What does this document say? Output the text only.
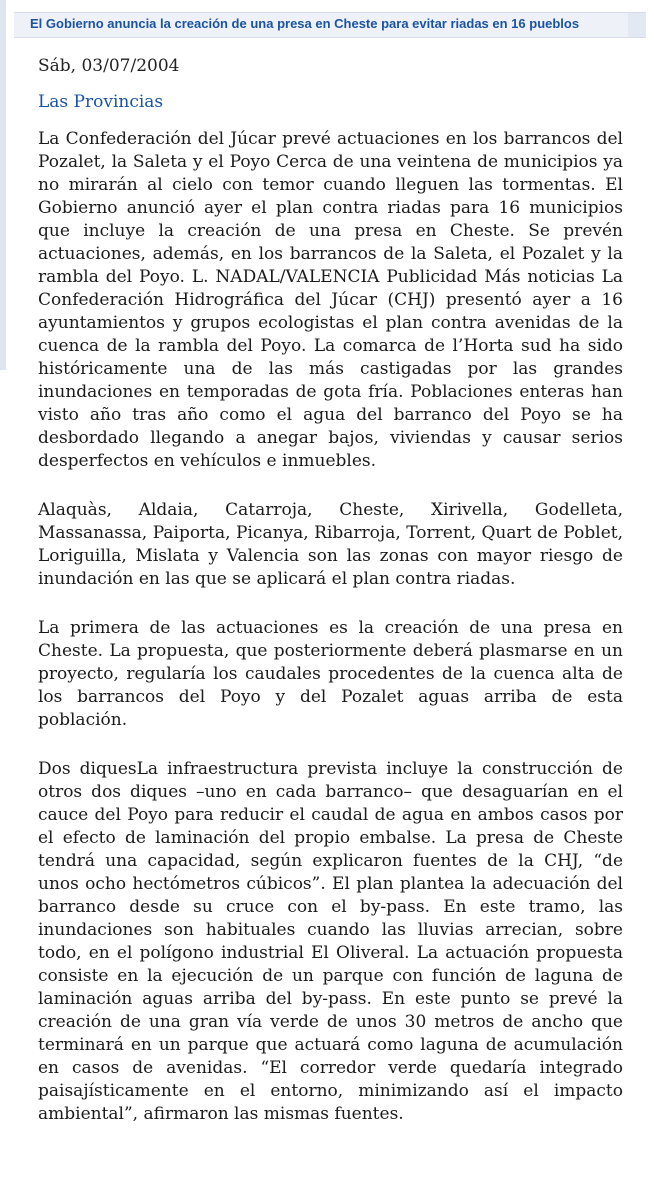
El Gobierno anuncia la creación de una presa en Cheste para evitar riadas en 16 pueblos
Sáb, 03/07/2004
Las Provincias

La Confederación del Júcar prevé actuaciones en los barrancos del Pozalet, la Saleta y el Poyo Cerca de una veintena de municipios ya no mirarán al cielo con temor cuando lleguen las tormentas. El Gobierno anunció ayer el plan contra riadas para 16 municipios que incluye la creación de una presa en Cheste. Se prevén actuaciones, además, en los barrancos de la Saleta, el Pozalet y la rambla del Poyo. L. NADAL/VALENCIA Publicidad Más noticias La Confederación Hidrográfica del Júcar (CHJ) presentó ayer a 16 ayuntamientos y grupos ecologistas el plan contra avenidas de la cuenca de la rambla del Poyo. La comarca de l’Horta sud ha sido históricamente una de las más castigadas por las grandes inundaciones en temporadas de gota fría. Poblaciones enteras han visto año tras año como el agua del barranco del Poyo se ha desbordado llegando a anegar bajos, viviendas y causar serios desperfectos en vehículos e inmuebles.

Alaquàs, Aldaia, Catarroja, Cheste, Xirivella, Godelleta, Massanassa, Paiporta, Picanya, Ribarroja, Torrent, Quart de Poblet, Loriguilla, Mislata y Valencia son las zonas con mayor riesgo de inundación en las que se aplicará el plan contra riadas.

La primera de las actuaciones es la creación de una presa en Cheste. La propuesta, que posteriormente deberá plasmarse en un proyecto, regularía los caudales procedentes de la cuenca alta de los barrancos del Poyo y del Pozalet aguas arriba de esta población.

Dos diquesLa infraestructura prevista incluye la construcción de otros dos diques –uno en cada barranco– que desaguarían en el cauce del Poyo para reducir el caudal de agua en ambos casos por el efecto de laminación del propio embalse. La presa de Cheste tendrá una capacidad, según explicaron fuentes de la CHJ, “de unos ocho hectómetros cúbicos”. El plan plantea la adecuación del barranco desde su cruce con el by-pass. En este tramo, las inundaciones son habituales cuando las lluvias arrecian, sobre todo, en el polígono industrial El Oliveral. La actuación propuesta consiste en la ejecución de un parque con función de laguna de laminación aguas arriba del by-pass. En este punto se prevé la creación de una gran vía verde de unos 30 metros de ancho que terminará en un parque que actuará como laguna de acumulación en casos de avenidas. “El corredor verde quedaría integrado paisajísticamente en el entorno, minimizando así el impacto ambiental”, afirmaron las mismas fuentes.
